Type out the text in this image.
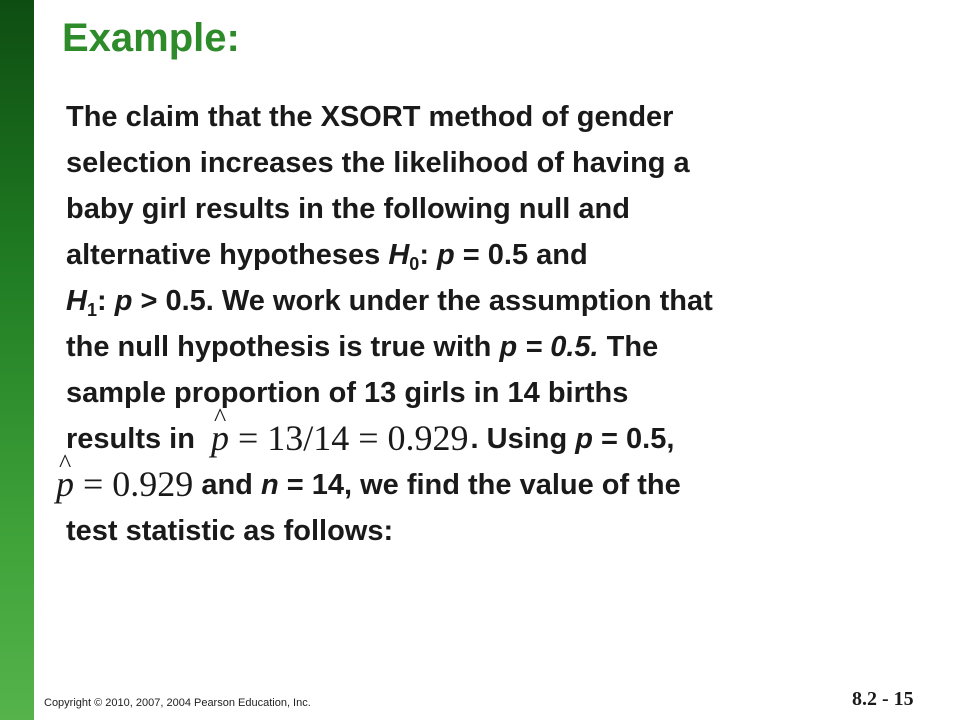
Example:
The claim that the XSORT method of gender
selection increases the likelihood of having a
baby girl results in the following null and
alternative hypotheses $H_0$: p = 0.5 and
$H_1$: p > 0.5. We work under the assumption that
the null hypothesis is true with p = 0.5. The
sample proportion of 13 girls in 14 births
results in^ p = 13/14 = 0.929. Using p = 0.5,
^ p = 0.929 and n = 14, we find the value of the
test statistic as follows:
Copyright © 2010, 2007, 2004 Pearson Education, Inc.	8.2 - 15
